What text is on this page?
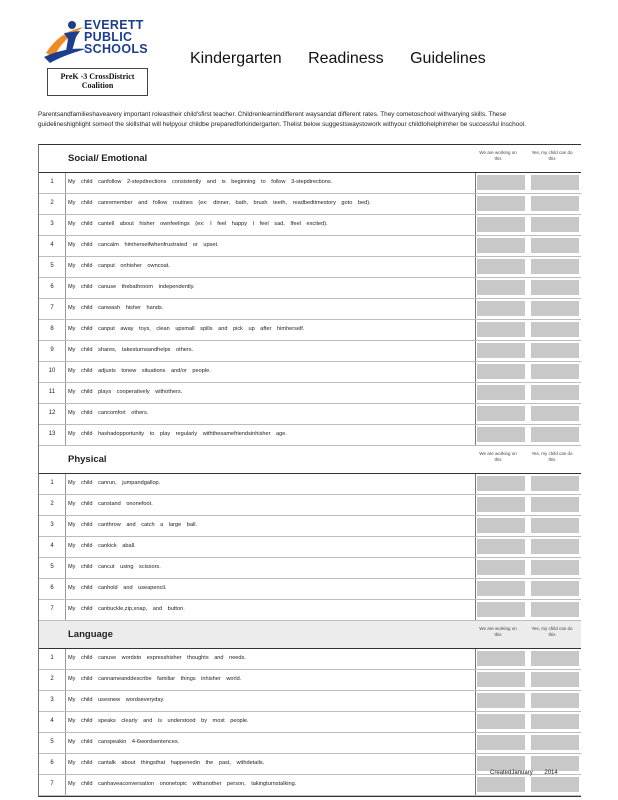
EVERETT
PUBLIC
SCHOOLS
Kindergarten Readiness Guidelines
PreK -3 CrossDistrict
Coalition
Parentsandfamilieshaveavery important roleastheir child'sfirst teacher. Childrenlearnindifferent waysandat different rates. They cometoschool withvarying skills. These guidelineshighlight someof the skillsthat will helpyour childbe preparedforkindergarten. Thelist below suggestswaystowork withyour childtohelphimher be successful inschool.
Social/ Emotional
We are working on this
Yes, my child can do this
1	My child canfollow 2-stepdirections consistently and is beginning to follow 3-stepdirections.
2	My child canremember and follow routines (ex: dinner, bath, brush teeth, readbedtimestory goto bed).
3	My child cantell about hisher ownfeelings (ex: I feel happy I feel sad, Ifeel excited).
4	My child cancalm himherselfwhenfrustrated or upset.
5	My child canput onhisher owncoat.
6	My child canuse thebathroom independently.
7	My child canwash hisher hands.
8	My child canput away toys, clean upsmall spills and pick up after himherself.
9	My child shares, takesturnsandhelps others.
10	My child adjusts tonew situations and/or people.
11	My child plays cooperatively withothers.
12	My child cancomfort others.
13	My child hashadopportunity to play regularly withthesamefriendsinhisher age.
Physical
We are working on this
Yes, my child can do this
1	My child canrun, jumpandgallop.
2	My child canstand ononefoot.
3	My child canthrow and catch a large ball.
4	My child cankick aball.
5	My child cancut using scissors.
6	My child canhold and useapencil.
7	My child canbuckle,zip,snap, and button.
Language
We are working on this
Yes, my child can do this
1	My child canuse wordsto expresshisher thoughts and needs.
2	My child cannameanddescribe familiar things inhisher world.
3	My child usesnew wordseveryday.
4	My child speaks clearly and is understood by most people.
5	My child canspeakin 4-6wordsentences.
6	My child cantalk about thingsthat happenedin the past, withdetails.
7	My child canhaveaconversation ononetopic withanother person, takingturnstalking.
CreatedJanuary 2014
